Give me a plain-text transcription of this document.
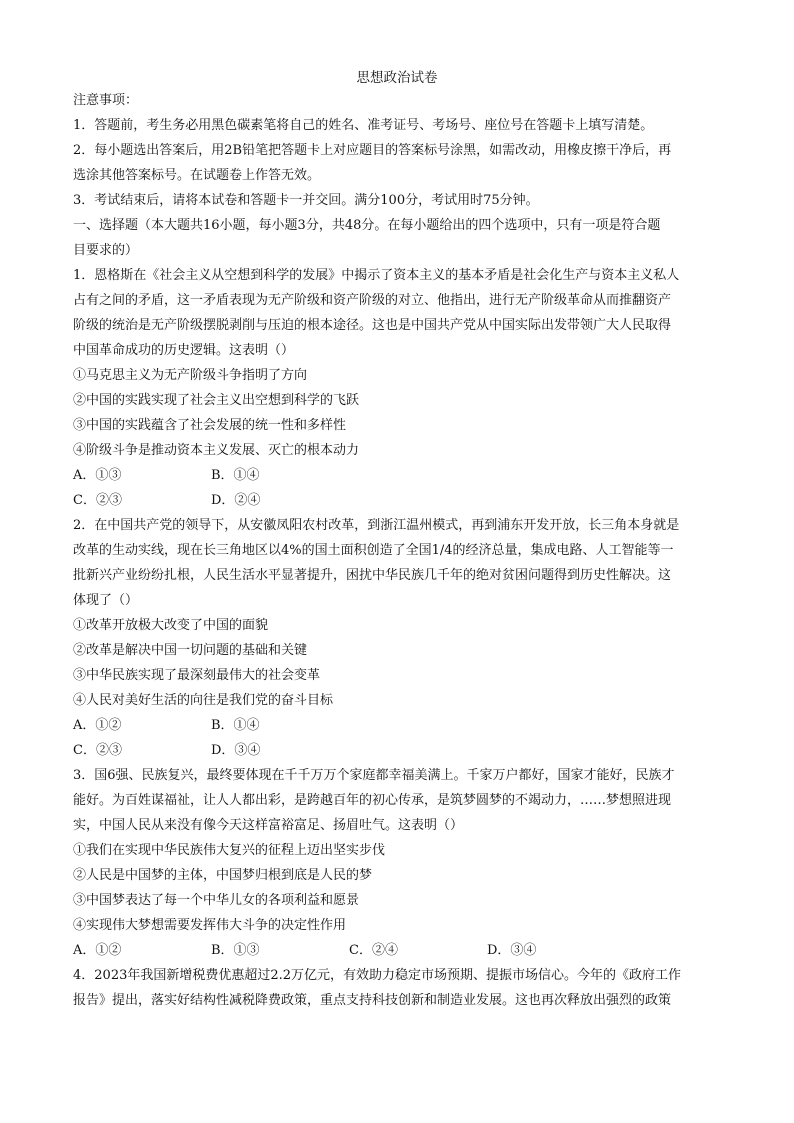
思想政治试卷
注意事项：
1．答题前，考生务必用黑色碳素笔将自己的姓名、准考证号、考场号、座位号在答题卡上填写清楚。
2．每小题选出答案后，用2B铅笔把答题卡上对应题目的答案标号涂黑，如需改动，用橡皮擦干净后，再
选涂其他答案标号。在试题卷上作答无效。
3．考试结束后，请将本试卷和答题卡一并交回。满分100分，考试用时75分钟。
一、选择题（本大题共16小题，每小题3分，共48分。在每小题给出的四个选项中，只有一项是符合题
目要求的）
1．恩格斯在《社会主义从空想到科学的发展》中揭示了资本主义的基本矛盾是社会化生产与资本主义私人
占有之间的矛盾，这一矛盾表现为无产阶级和资产阶级的对立、他指出，进行无产阶级革命从而推翻资产
阶级的统治是无产阶级摆脱剥削与压迫的根本途径。这也是中国共产党从中国实际出发带领广大人民取得
中国革命成功的历史逻辑。这表明（）
①马克思主义为无产阶级斗争指明了方向
②中国的实践实现了社会主义出空想到科学的飞跃
③中国的实践蕴含了社会发展的统一性和多样性
④阶级斗争是推动资本主义发展、灭亡的根本动力
A．①③	B．①④
C．②③	D．②④
2．在中国共产党的领导下，从安徽凤阳农村改革，到浙江温州模式，再到浦东开发开放，长三角本身就是
改革的生动实线，现在长三角地区以4%的国土面积创造了全国1/4的经济总量，集成电路、人工智能等一
批新兴产业纷纷扎根，人民生活水平显著提升，困扰中华民族几千年的绝对贫困问题得到历史性解决。这
体现了（）
①改革开放极大改变了中国的面貌
②改革是解决中国一切问题的基础和关键
③中华民族实现了最深刻最伟大的社会变革
④人民对美好生活的向往是我们党的奋斗目标
A．①②	B．①④
C．②③	D．③④
3．国6强、民族复兴，最终要体现在千千万万个家庭都幸福美满上。千家万户都好，国家才能好，民族才
能好。为百姓谋福祉，让人人都出彩，是跨越百年的初心传承，是筑梦圆梦的不竭动力，……梦想照进现
实，中国人民从来没有像今天这样富裕富足、扬眉吐气。这表明（）
①我们在实现中华民族伟大复兴的征程上迈出坚实步伐
②人民是中国梦的主体，中国梦归根到底是人民的梦
③中国梦表达了每一个中华儿女的各项利益和愿景
④实现伟大梦想需要发挥伟大斗争的决定性作用
A．①②	B．①③	C．②④	D．③④
4．2023年我国新增税费优惠超过2.2万亿元，有效助力稳定市场预期、提振市场信心。今年的《政府工作
报告》提出，落实好结构性减税降费政策，重点支持科技创新和制造业发展。这也再次释放出强烈的政策
